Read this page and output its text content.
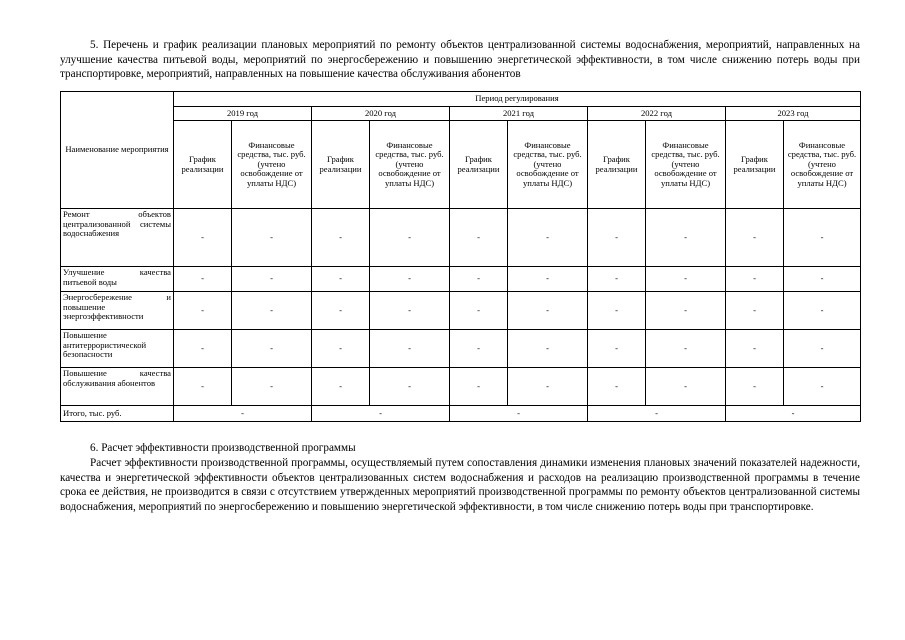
5. Перечень и график реализации плановых мероприятий по ремонту объектов централизованной системы водоснабжения, мероприятий, направленных на улучшение качества питьевой воды, мероприятий по энергосбережению и повышению энергетической эффективности, в том числе снижению потерь воды при транспортировке, мероприятий, направленных на повышение качества обслуживания абонентов

Наименование мероприятия	Период регулирования									
	2019 год		2020 год		2021 год		2022 год		2023 год	
	График реализации	Финансовые средства, тыс. руб. (учтено освобождение от уплаты НДС)	График реализации	Финансовые средства, тыс. руб. (учтено освобождение от уплаты НДС)	График реализации	Финансовые средства, тыс. руб. (учтено освобождение от уплаты НДС)	График реализации	Финансовые средства, тыс. руб. (учтено освобождение от уплаты НДС)	График реализации	Финансовые средства, тыс. руб. (учтено освобождение от уплаты НДС)
Ремонт объектов централизованной системы водоснабжения	-	-	-	-	-	-	-	-	-	-
Улучшение качества питьевой воды	-	-	-	-	-	-	-	-	-	-
Энергосбережение и повышение энергоэффективности	-	-	-	-	-	-	-	-	-	-
Повышение антитеррористической безопасности	-	-	-	-	-	-	-	-	-	-
Повышение качества обслуживания абонентов	-	-	-	-	-	-	-	-	-	-
Итого, тыс. руб.	-		-		-		-		-	

6. Расчет эффективности производственной программы

Расчет эффективности производственной программы, осуществляемый путем сопоставления динамики изменения плановых значений показателей надежности, качества и энергетической эффективности объектов централизованных систем водоснабжения и расходов на реализацию производственной программы в течение срока ее действия, не производится в связи с отсутствием утвержденных мероприятий производственной программы по ремонту объектов централизованной системы водоснабжения, мероприятий по энергосбережению и повышению энергетической эффективности, в том числе снижению потерь воды при транспортировке.
